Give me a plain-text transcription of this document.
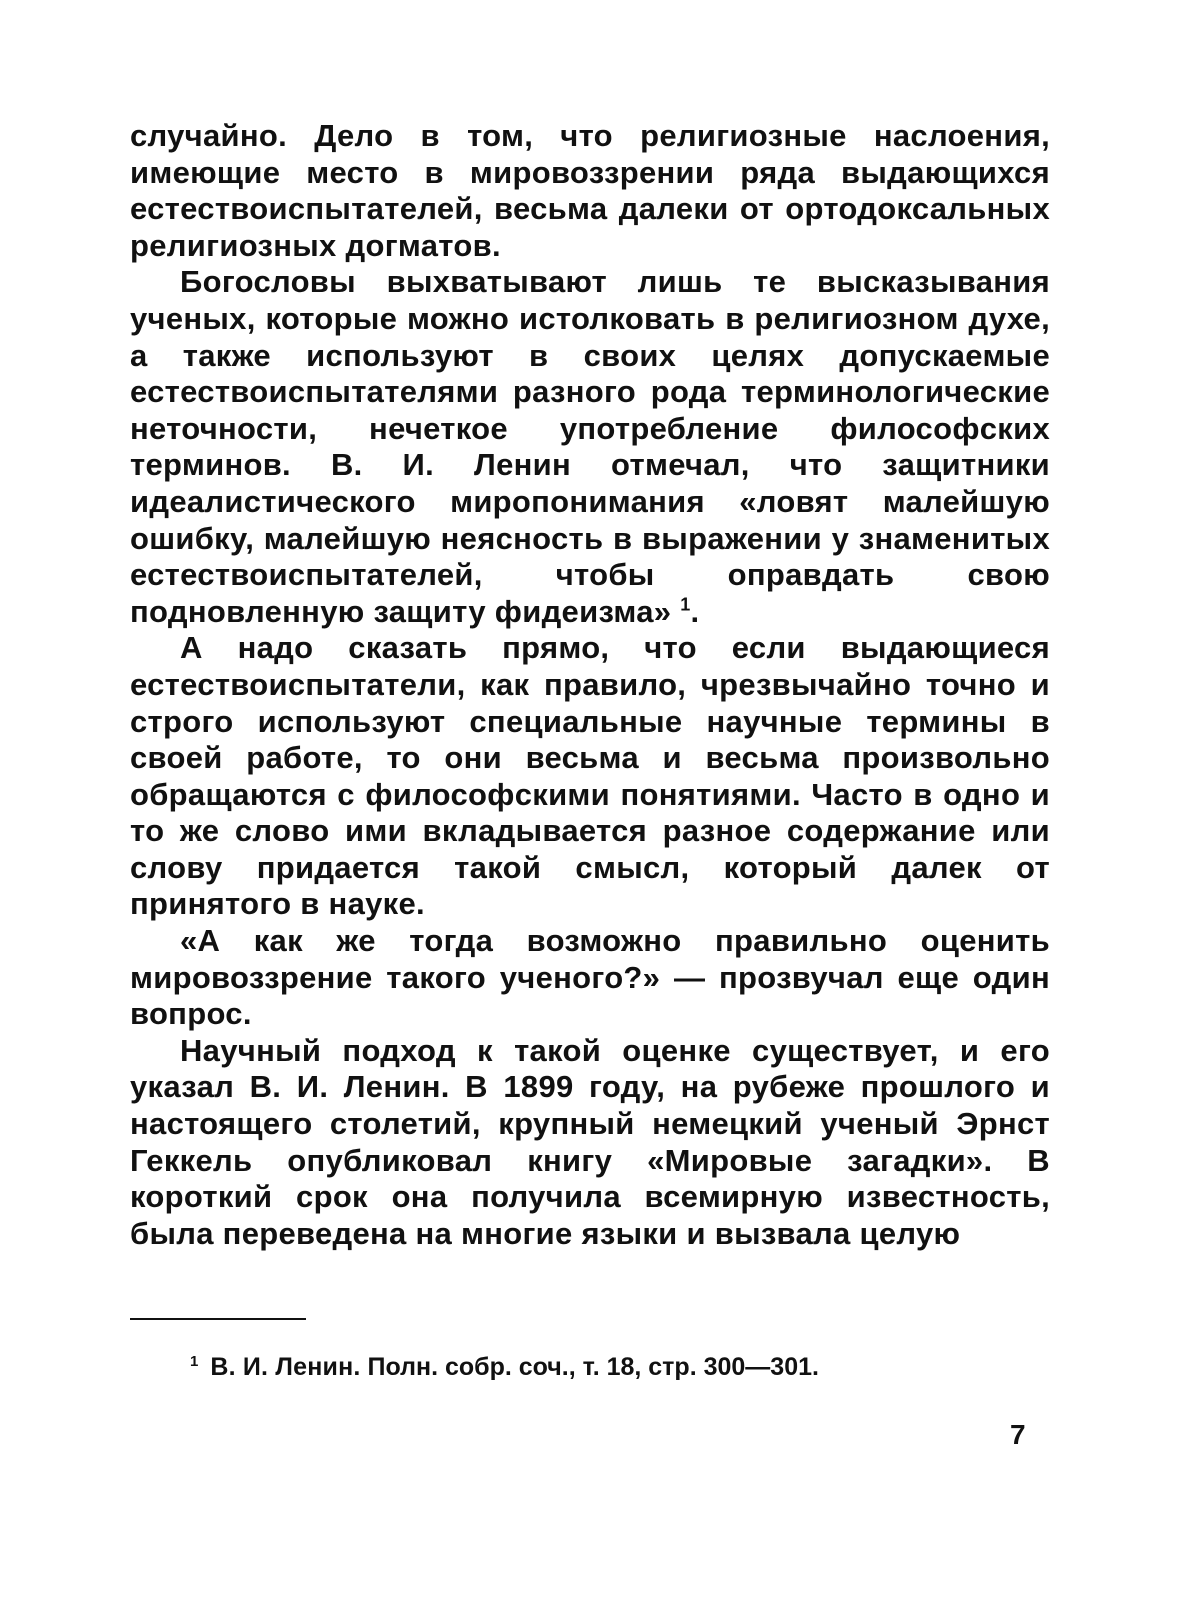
случайно. Дело в том, что религиозные наслоения, имеющие место в мировоззрении ряда выдающихся естествоиспытателей, весьма далеки от ортодоксальных религиозных догматов.

Богословы выхватывают лишь те высказывания ученых, которые можно истолковать в религиозном духе, а также используют в своих целях допускаемые естествоиспытателями разного рода терминологические неточности, нечеткое употребление философских терминов. В. И. Ленин отмечал, что защитники идеалистического миропонимания «ловят малейшую ошибку, малейшую неясность в выражении у знаменитых естествоиспытателей, чтобы оправдать свою подновленную защиту фидеизма» $^1$.

А надо сказать прямо, что если выдающиеся естествоиспытатели, как правило, чрезвычайно точно и строго используют специальные научные термины в своей работе, то они весьма и весьма произвольно обращаются с философскими понятиями. Часто в одно и то же слово ими вкладывается разное содержание или слову придается такой смысл, который далек от принятого в науке.

«А как же тогда возможно правильно оценить мировоззрение такого ученого?» — прозвучал еще один вопрос.

Научный подход к такой оценке существует, и его указал В. И. Ленин. В 1899 году, на рубеже прошлого и настоящего столетий, крупный немецкий ученый Эрнст Геккель опубликовал книгу «Мировые загадки». В короткий срок она получила всемирную известность, была переведена на многие языки и вызвала целую

$^1$ В. И. Ленин. Полн. собр. соч., т. 18, стр. 300—301.
7
